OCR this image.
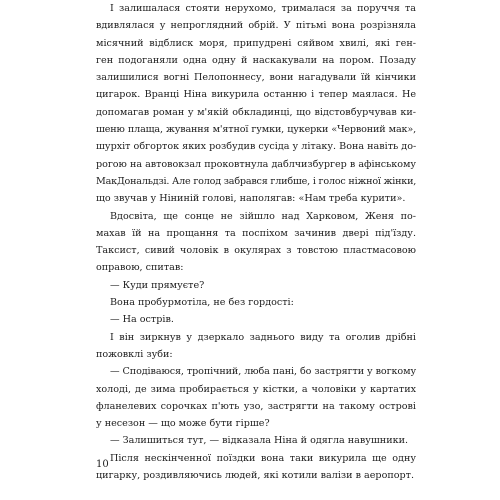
І залишалася стояти нерухомо, трималася за поруччя та
вдивлялася у непроглядний обрій. У пітьмі вона розрізняла
місячний відблиск моря, припудрені сяйвом хвилі, які ген-
ген подоганяли одна одну й наскакували на пором. Позаду
залишилися вогні Пелопоннесу, вони нагадували їй кінчики
цигарок. Вранці Ніна викурила останню і тепер маялася. Не
допомагав роман у м'якій обкладинці, що відстовбурчував ки-
шеню плаща, жування м'ятної гумки, цукерки «Червоний мак»,
шурхіт обгорток яких розбудив сусіда у літаку. Вона навіть до-
рогою на автовокзал проковтнула даблчизбургер в афінському
МакДональдзі. Але голод забрався глибше, і голос ніжної жінки,
що звучав у Ніниній голові, наполягав: «Нам треба курити».
Вдосвіта, ще сонце не зійшло над Харковом, Женя по-
махав їй на прощання та поспіхом зачинив двері під'їзду.
Таксист, сивий чоловік в окулярах з товстою пластмасовою
оправою, спитав:
— Куди прямуєте?
Вона пробурмотіла, не без гордості:
— На острів.
І він зиркнув у дзеркало заднього виду та оголив дрібні
пожовклі зуби:
— Сподіваюся, тропічний, люба пані, бо застрягти у вогкому
холоді, де зима пробирається у кістки, а чоловіки у картатих
фланелевих сорочках п'ють узо, застрягти на такому острові
у несезон — що може бути гірше?
— Залишиться тут, — відказала Ніна й одягла навушники.
Після нескінченної поїздки вона таки викурила ще одну
цигарку, роздивляючись людей, які котили валізи в аеропорт.
10
